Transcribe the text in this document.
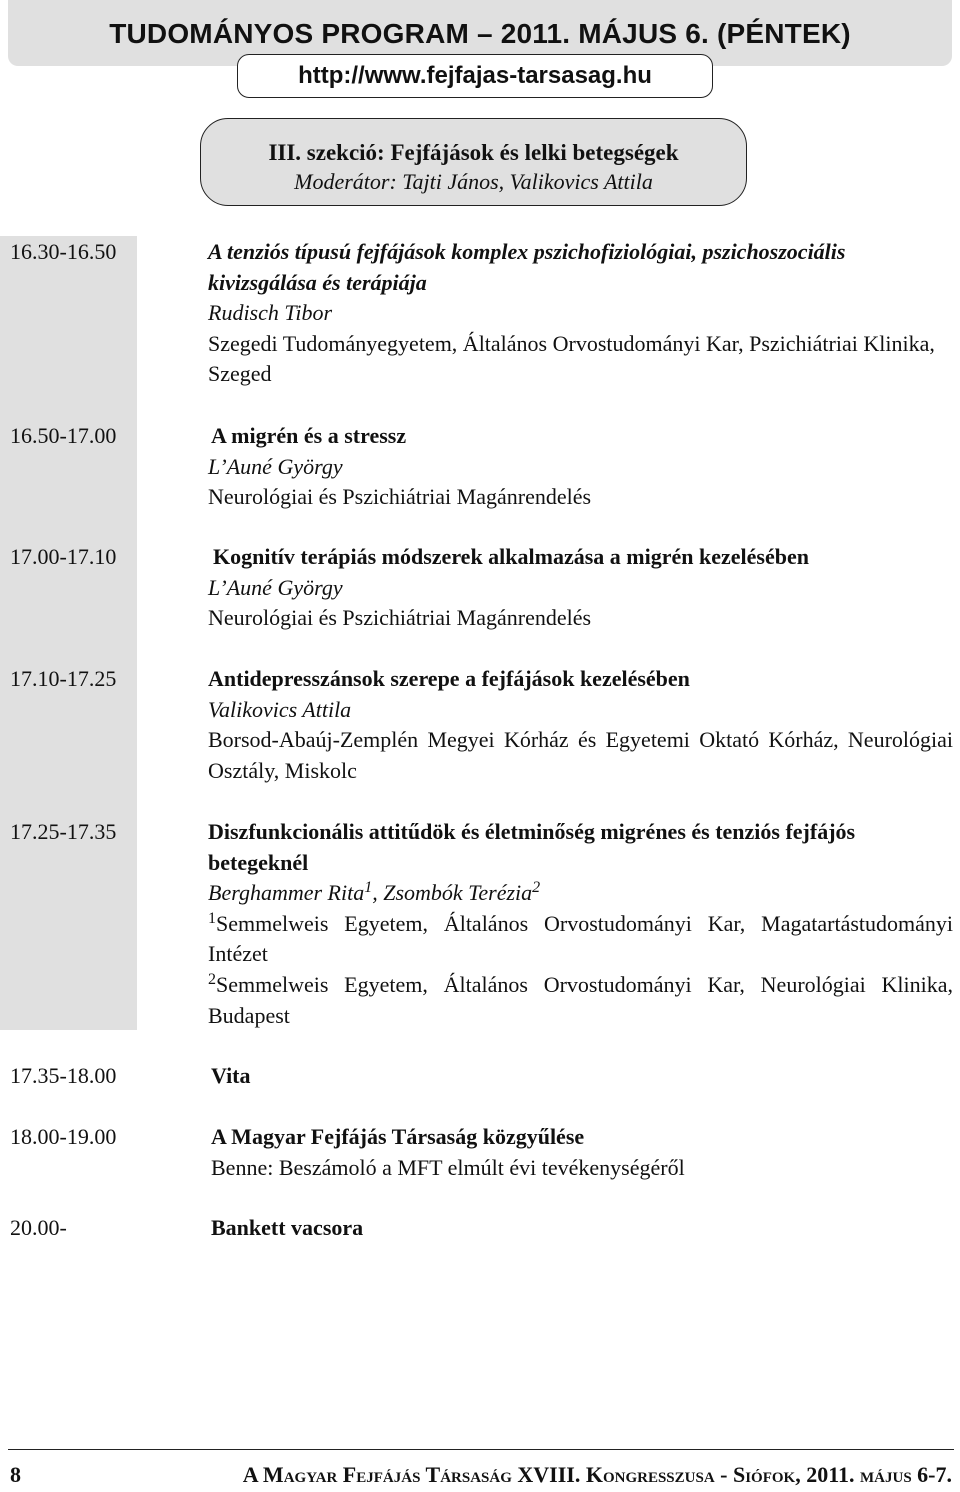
TUDOMÁNYOS PROGRAM – 2011. MÁJUS 6. (PÉNTEK)
http://www.fejfajas-tarsasag.hu
III. szekció: Fejfájások és lelki betegségek
Moderátor: Tajti János, Valikovics Attila
16.30-16.50	A tenziós típusú fejfájások komplex pszichofiziológiai, pszichoszociális kivizsgálása és terápiája
Rudisch Tibor
Szegedi Tudományegyetem, Általános Orvostudományi Kar, Pszichiátriai Klinika, Szeged
16.50-17.00	A migrén és a stressz
L’Auné György
Neurológiai és Pszichiátriai Magánrendelés
17.00-17.10	Kognitív terápiás módszerek alkalmazása a migrén kezelésében
L’Auné György
Neurológiai és Pszichiátriai Magánrendelés
17.10-17.25	Antidepresszánsok szerepe a fejfájások kezelésében
Valikovics Attila
Borsod-Abaúj-Zemplén Megyei Kórház és Egyetemi Oktató Kórház, Neurológiai Osztály, Miskolc
17.25-17.35	Diszfunkcionális attitűdök és életminőség migrénes és tenziós fejfájós betegeknél
Berghammer Rita$^1$, Zsombók Terézia$^2$
$^1$Semmelweis Egyetem, Általános Orvostudományi Kar, Magatartástudományi Intézet
$^2$Semmelweis Egyetem, Általános Orvostudományi Kar, Neurológiai Klinika, Budapest
17.35-18.00	Vita
18.00-19.00	A Magyar Fejfájás Társaság közgyűlése
Benne: Beszámoló a MFT elmúlt évi tevékenységéről
20.00-	Bankett vacsora
8	A Magyar Fejfájás Társaság XVIII. Kongresszusa - Siófok, 2011. május 6-7.
